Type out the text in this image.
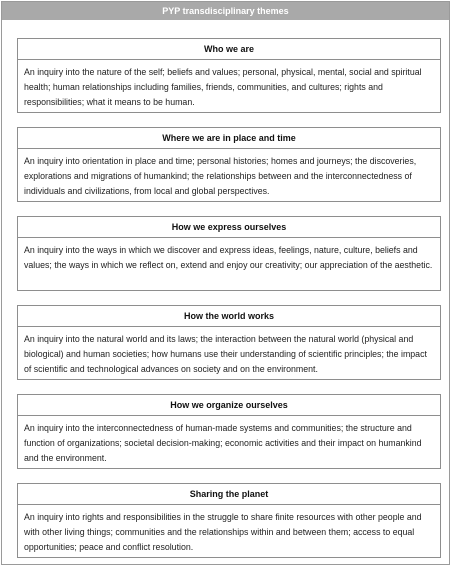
PYP transdisciplinary themes
Who we are
An inquiry into the nature of the self; beliefs and values; personal, physical, mental, social and spiritual health; human relationships including families, friends, communities, and cultures; rights and responsibilities; what it means to be human.
Where we are in place and time
An inquiry into orientation in place and time; personal histories; homes and journeys; the discoveries, explorations and migrations of humankind; the relationships between and the interconnectedness of individuals and civilizations, from local and global perspectives.
How we express ourselves
An inquiry into the ways in which we discover and express ideas, feelings, nature, culture, beliefs and values; the ways in which we reflect on, extend and enjoy our creativity; our appreciation of the aesthetic.
How the world works
An inquiry into the natural world and its laws; the interaction between the natural world (physical and biological) and human societies; how humans use their understanding of scientific principles; the impact of scientific and technological advances on society and on the environment.
How we organize ourselves
An inquiry into the interconnectedness of human-made systems and communities; the structure and function of organizations; societal decision-making; economic activities and their impact on humankind and the environment.
Sharing the planet
An inquiry into rights and responsibilities in the struggle to share finite resources with other people and with other living things; communities and the relationships within and between them; access to equal opportunities; peace and conflict resolution.
